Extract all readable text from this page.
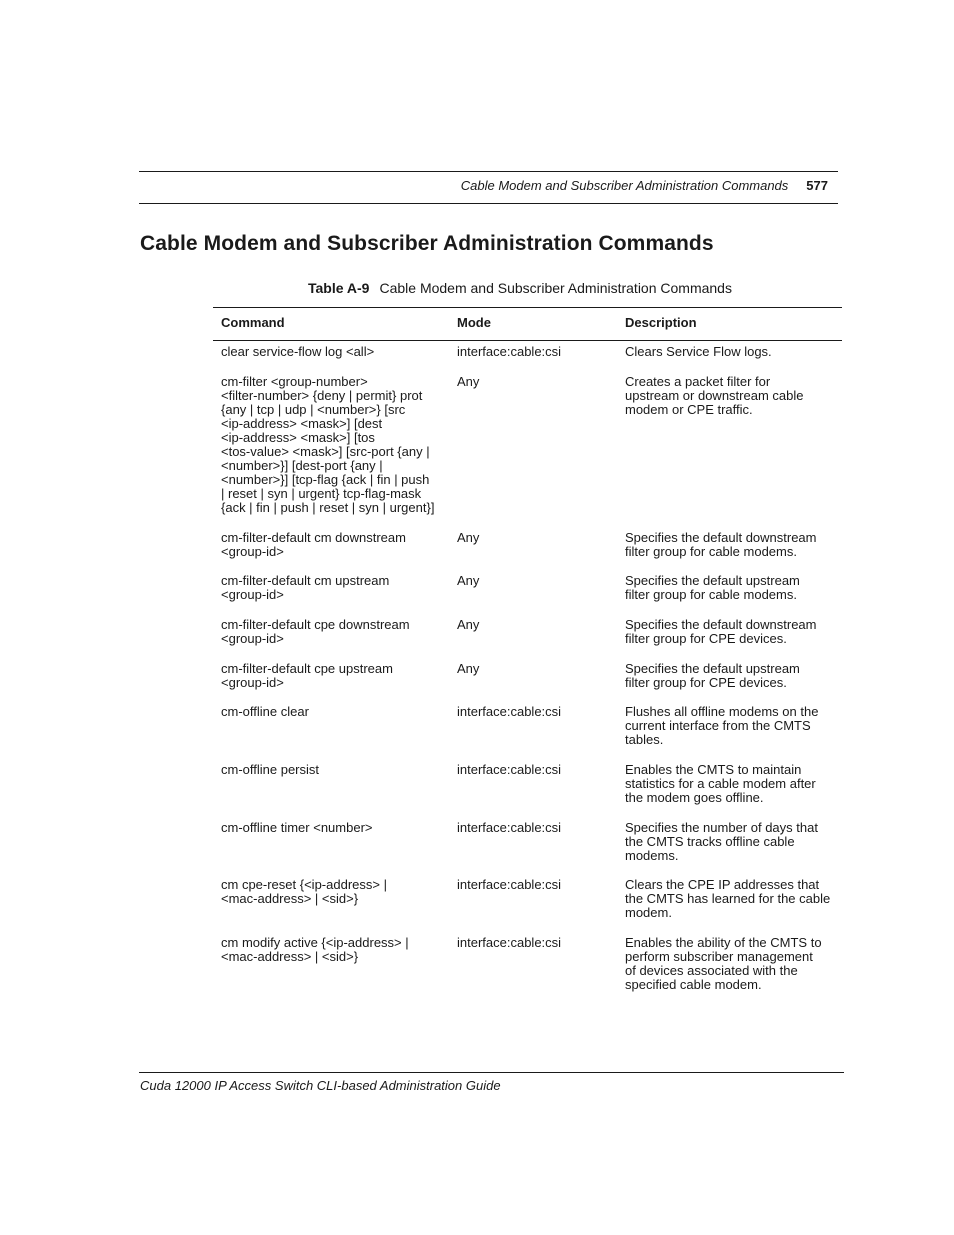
Cable Modem and Subscriber Administration Commands 577
Cable Modem and Subscriber Administration Commands
Table A-9 Cable Modem and Subscriber Administration Commands
Command	Mode	Description
clear service-flow log <all>	interface:cable:csi	Clears Service Flow logs.
cm-filter <group-number>
<filter-number> {deny | permit} prot
{any | tcp | udp | <number>} [src
<ip-address> <mask>] [dest
<ip-address> <mask>] [tos
<tos-value> <mask>] [src-port {any |
<number>}] [dest-port {any |
<number>}] [tcp-flag {ack | fin | push
| reset | syn | urgent} tcp-flag-mask
{ack | fin | push | reset | syn | urgent}]
Any	Creates a packet filter for
upstream or downstream cable
modem or CPE traffic.
cm-filter-default cm downstream
<group-id>
Any	Specifies the default downstream
filter group for cable modems.
cm-filter-default cm upstream
<group-id>
Any	Specifies the default upstream
filter group for cable modems.
cm-filter-default cpe downstream
<group-id>
Any	Specifies the default downstream
filter group for CPE devices.
cm-filter-default cpe upstream
<group-id>
Any	Specifies the default upstream
filter group for CPE devices.
cm-offline clear	interface:cable:csi	Flushes all offline modems on the
current interface from the CMTS
tables.
cm-offline persist	interface:cable:csi	Enables the CMTS to maintain
statistics for a cable modem after
the modem goes offline.
cm-offline timer <number>	interface:cable:csi	Specifies the number of days that
the CMTS tracks offline cable
modems.
cm cpe-reset {<ip-address> |
<mac-address> | <sid>}
interface:cable:csi	Clears the CPE IP addresses that
the CMTS has learned for the cable
modem.
cm modify active {<ip-address> |
<mac-address> | <sid>}
interface:cable:csi	Enables the ability of the CMTS to
perform subscriber management
of devices associated with the
specified cable modem.
Cuda 12000 IP Access Switch CLI-based Administration Guide
